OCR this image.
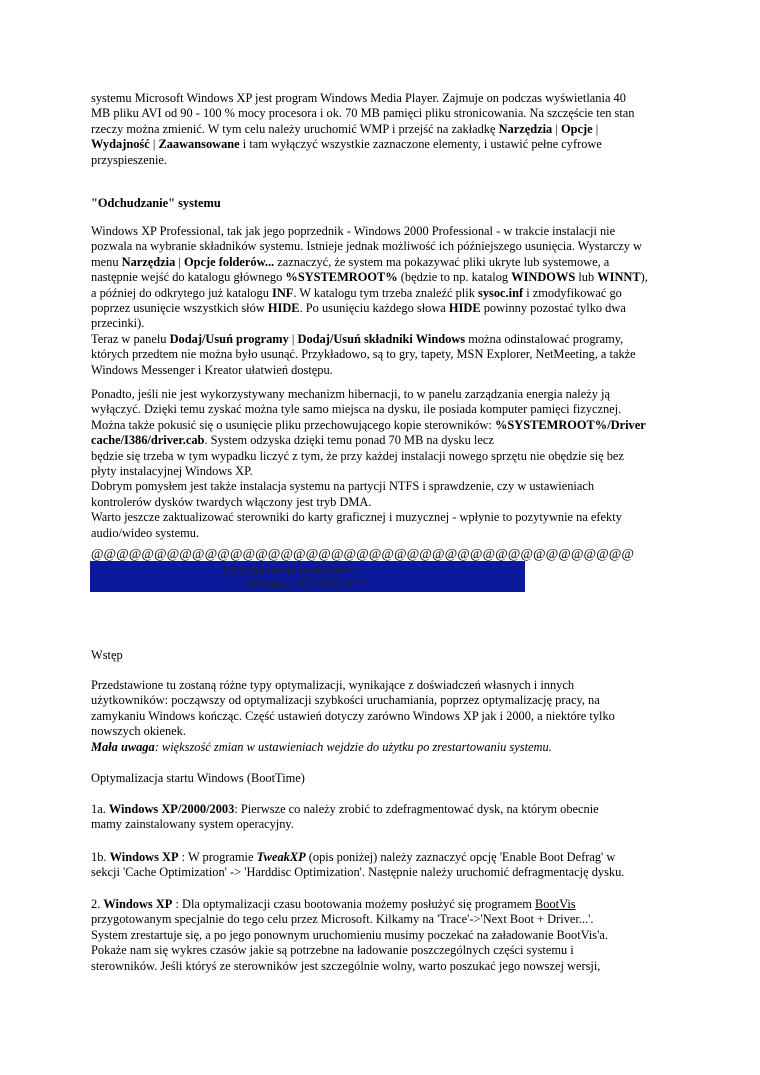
systemu Microsoft Windows XP jest program Windows Media Player. Zajmuje on podczas wyświetlania 40
MB pliku AVI od 90 - 100 % mocy procesora i ok. 70 MB pamięci pliku stronicowania. Na szczęście ten stan
rzeczy można zmienić. W tym celu należy uruchomić WMP i przejść na zakładkę Narzędzia | Opcje |
Wydajność | Zaawansowane i tam wyłączyć wszystkie zaznaczone elementy, i ustawić pełne cyfrowe
przyspieszenie.

"Odchudzanie" systemu

Windows XP Professional, tak jak jego poprzednik - Windows 2000 Professional - w trakcie instalacji nie
pozwala na wybranie składników systemu. Istnieje jednak możliwość ich późniejszego usunięcia. Wystarczy w
menu Narzędzia | Opcje folderów... zaznaczyć, że system ma pokazywać pliki ukryte lub systemowe, a
następnie wejść do katalogu głównego %SYSTEMROOT% (będzie to np. katalog WINDOWS lub WINNT),
a później do odkrytego już katalogu INF. W katalogu tym trzeba znaleźć plik sysoc.inf i zmodyfikować go
poprzez usunięcie wszystkich słów HIDE. Po usunięciu każdego słowa HIDE powinny pozostać tylko dwa
przecinki).
Teraz w panelu Dodaj/Usuń programy | Dodaj/Usuń składniki Windows można odinstalować programy,
których przedtem nie można było usunąć. Przykładowo, są to gry, tapety, MSN Explorer, NetMeeting, a także
Windows Messenger i Kreator ułatwień dostępu.

Ponadto, jeśli nie jest wykorzystywany mechanizm hibernacji, to w panelu zarządzania energia należy ją
wyłączyć. Dzięki temu zyskać można tyle samo miejsca na dysku, ile posiada komputer pamięci fizycznej.
Można także pokusić się o usunięcie pliku przechowującego kopie sterowników: %SYSTEMROOT%/Driver
cache/I386/driver.cab. System odzyska dzięki temu ponad 70 MB na dysku lecz
będzie się trzeba w tym wypadku liczyć z tym, że przy każdej instalacji nowego sprzętu nie obędzie się bez
płyty instalacyjnej Windows XP.
Dobrym pomysłem jest także instalacja systemu na partycji NTFS i sprawdzenie, czy w ustawieniach
kontrolerów dysków twardych włączony jest tryb DMA.
Warto jeszcze zaktualizować sterowniki do karty graficznej i muzycznej - wpłynie to pozytywnie na efekty
audio/wideo systemu.

@@@@@@@@@@@@@@@@@@@@@@@@@@@@@@@@@@@@@@@@@@@
Optymalizacja wydajności
Windows XP/2000/2003

Wstęp

Przedstawione tu zostaną różne typy optymalizacji, wynikające z doświadczeń własnych i innych
użytkowników: począwszy od optymalizacji szybkości uruchamiania, poprzez optymalizację pracy, na
zamykaniu Windows kończąc. Część ustawień dotyczy zarówno Windows XP jak i 2000, a niektóre tylko
nowszych okienek.
Mała uwaga: większość zmian w ustawieniach wejdzie do użytku po zrestartowaniu systemu.

Optymalizacja startu Windows (BootTime)

1a. Windows XP/2000/2003: Pierwsze co należy zrobić to zdefragmentować dysk, na którym obecnie
mamy zainstalowany system operacyjny.

1b. Windows XP : W programie TweakXP (opis poniżej) należy zaznaczyć opcję 'Enable Boot Defrag' w
sekcji 'Cache Optimization' -> 'Harddisc Optimization'. Następnie należy uruchomić defragmentację dysku.

2. Windows XP : Dla optymalizacji czasu bootowania możemy posłużyć się programem BootVis
przygotowanym specjalnie do tego celu przez Microsoft. Kilkamy na 'Trace'->'Next Boot + Driver...'.
System zrestartuje się, a po jego ponownym uruchomieniu musimy poczekać na załadowanie BootVis'a.
Pokaże nam się wykres czasów jakie są potrzebne na ładowanie poszczególnych części systemu i
sterowników. Jeśli któryś ze sterowników jest szczególnie wolny, warto poszukać jego nowszej wersji,
